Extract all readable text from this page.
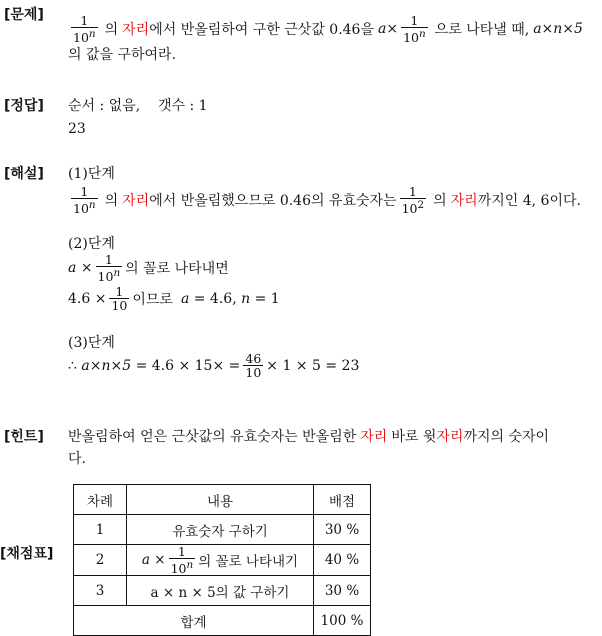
[문제] $\frac{1}{10^n}$ 의 자리 에서 반올림하여 구한 근삿값 0.46을 $a \times \frac{1}{10^n}$ 으로 나타낼 때, a×n×5
의 값을 구하여라.
[정답] 순서 : 없음, 갯수 : 1
23
[해설] (1)단계
$\frac{1}{10^n}$ 의 자리 에서 반올림했으므로 0.46의 유효숫자는 $\frac{1}{10^2}$ 의 자리 까지인 4, 6이다.
(2)단계
a
× $\frac{1}{10^n}$ 의 꼴로 나타내면
$4.6 \times \frac{1}{10}$ 이므로 a
= 4.6,
n
= 1
(3)단계
∴
a×n×5
= $4.6 \times 15\times = \frac{46}{10} \times 1 \times 5 = 23$
[힌트] 반올림하여 얻은 근삿값의 유효숫자는 반올림한 자리 바로 윗 자리 까지의 숫자이
다.
[채점표]
차례	내용	배점
1	유효숫자 구하기	30 %
2	a
× $\frac{1}{10^n}$ 의 꼴로 나타내기	40 %
3	a × n × 5의 값 구하기	30 %
합계		100 %
